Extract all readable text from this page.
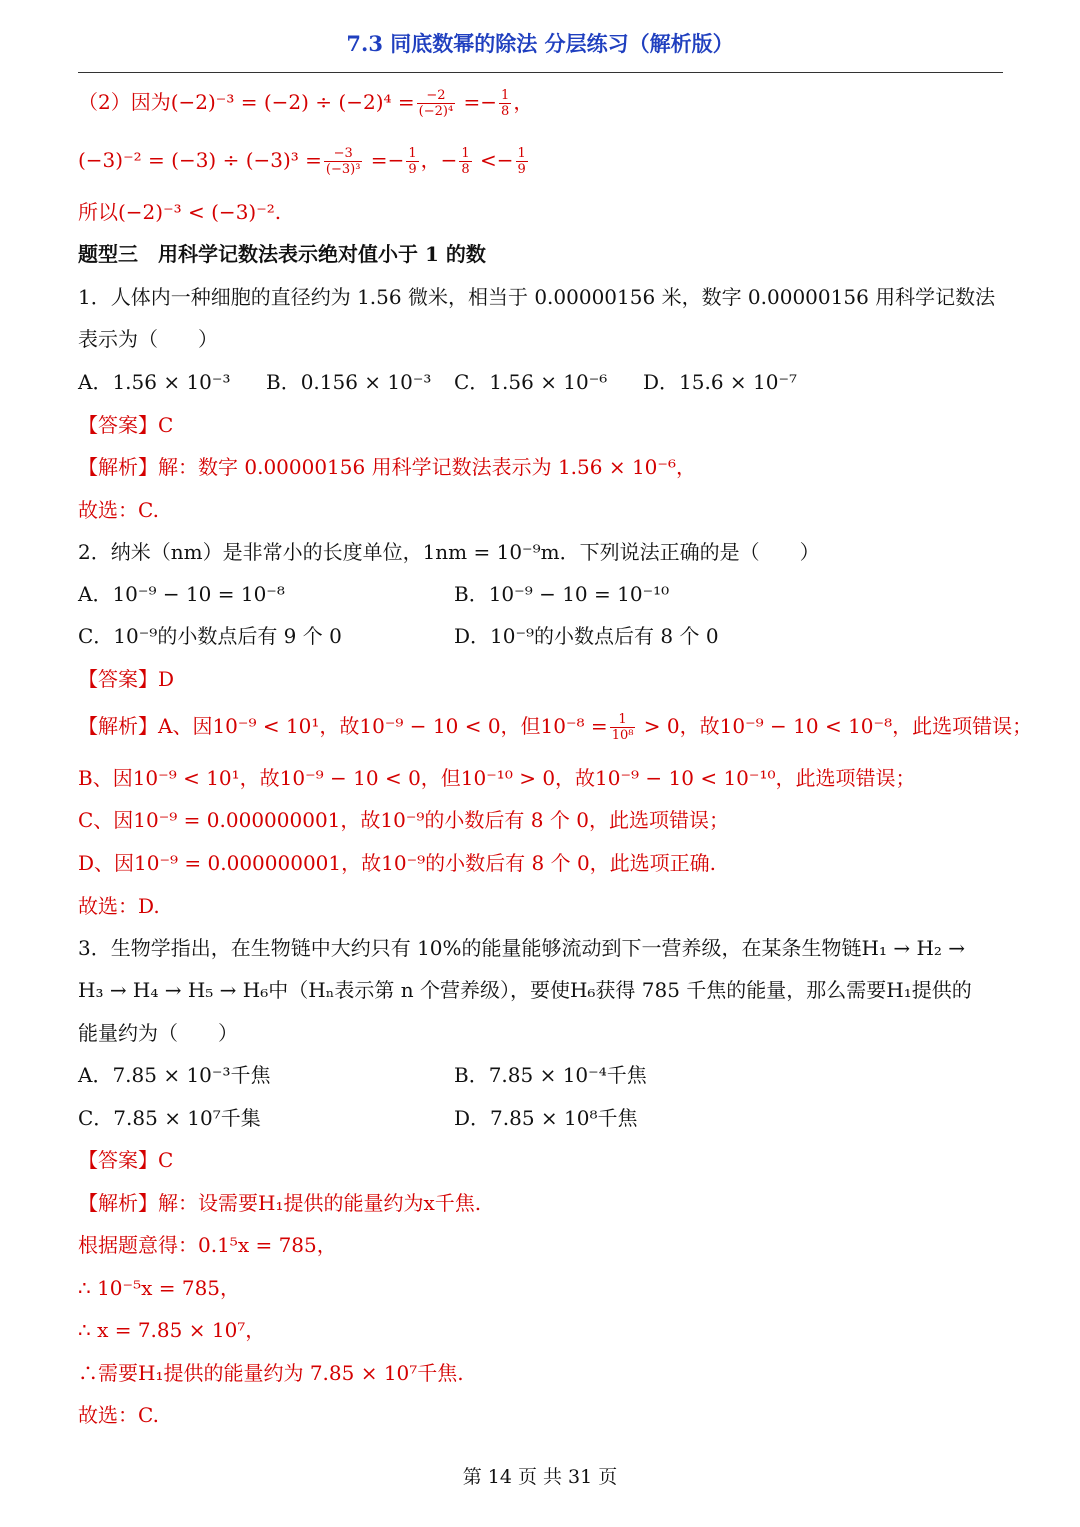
7.3 同底数幂的除法 分层练习（解析版）
（2）因为$(-2)^{-3} = (-2) \div (-2)^4 = \frac{-2}{\text{(−2)⁴}} =- \frac{1}{8}$ ，
$(-3)^{-2} = (-3) \div (-3)^3 = \frac{-3}{\text{(−3)³}} =- \frac{1}{9}$ ，− $\frac{1}{8} <- \frac{1}{9}$
所以(−2)⁻³ < (−3)⁻².
题型三　用科学记数法表示绝对值小于 1 的数
1．人体内一种细胞的直径约为 1.56 微米，相当于 0.00000156 米，数字 0.00000156 用科学记数法
表示为（　　）
A．1.56 × 10⁻³ B．0.156 × 10⁻³ C．1.56 × 10⁻⁶ D．15.6 × 10⁻⁷
【答案】C
【解析】解：数字 0.00000156 用科学记数法表示为 1.56 × 10⁻⁶，
故选：C.
2．纳米（nm）是非常小的长度单位，1nm = 10⁻⁹m．下列说法正确的是（　　）
A．10⁻⁹ − 10 = 10⁻⁸	B．10⁻⁹ − 10 = 10⁻¹⁰
C．10⁻⁹的小数点后有 9 个 0	D．10⁻⁹的小数点后有 8 个 0
【答案】D
【解析】A、因10⁻⁹ < 10¹，故10⁻⁹ − 10 < 0，但$10^{-8} = \frac{1}{\text{10⁸}} > 0$，故10⁻⁹ − 10 < 10⁻⁸，此选项错误；
B、因10⁻⁹ < 10¹，故10⁻⁹ − 10 < 0，但10⁻¹⁰ > 0，故10⁻⁹ − 10 < 10⁻¹⁰，此选项错误；
C、因10⁻⁹ = 0.000000001，故10⁻⁹的小数后有 8 个 0，此选项错误；
D、因10⁻⁹ = 0.000000001，故10⁻⁹的小数后有 8 个 0，此选项正确.
故选：D.
3．生物学指出，在生物链中大约只有 10%的能量能够流动到下一营养级，在某条生物链H₁ → H₂ →
H₃ → H₄ → H₅ → H₆中（Hₙ表示第 n 个营养级），要使H₆获得 785 千焦的能量，那么需要H₁提供的
能量约为（　　）
A．7.85 × 10⁻³千焦	B．7.85 × 10⁻⁴千焦
C．7.85 × 10⁷千集	D．7.85 × 10⁸千焦
【答案】C
【解析】解：设需要H₁提供的能量约为x千焦.
根据题意得：0.1⁵x = 785，
∴ 10⁻⁵x = 785，
∴ x = 7.85 × 10⁷，
∴需要H₁提供的能量约为 7.85 × 10⁷千焦.
故选：C.
第 14 页 共 31 页
